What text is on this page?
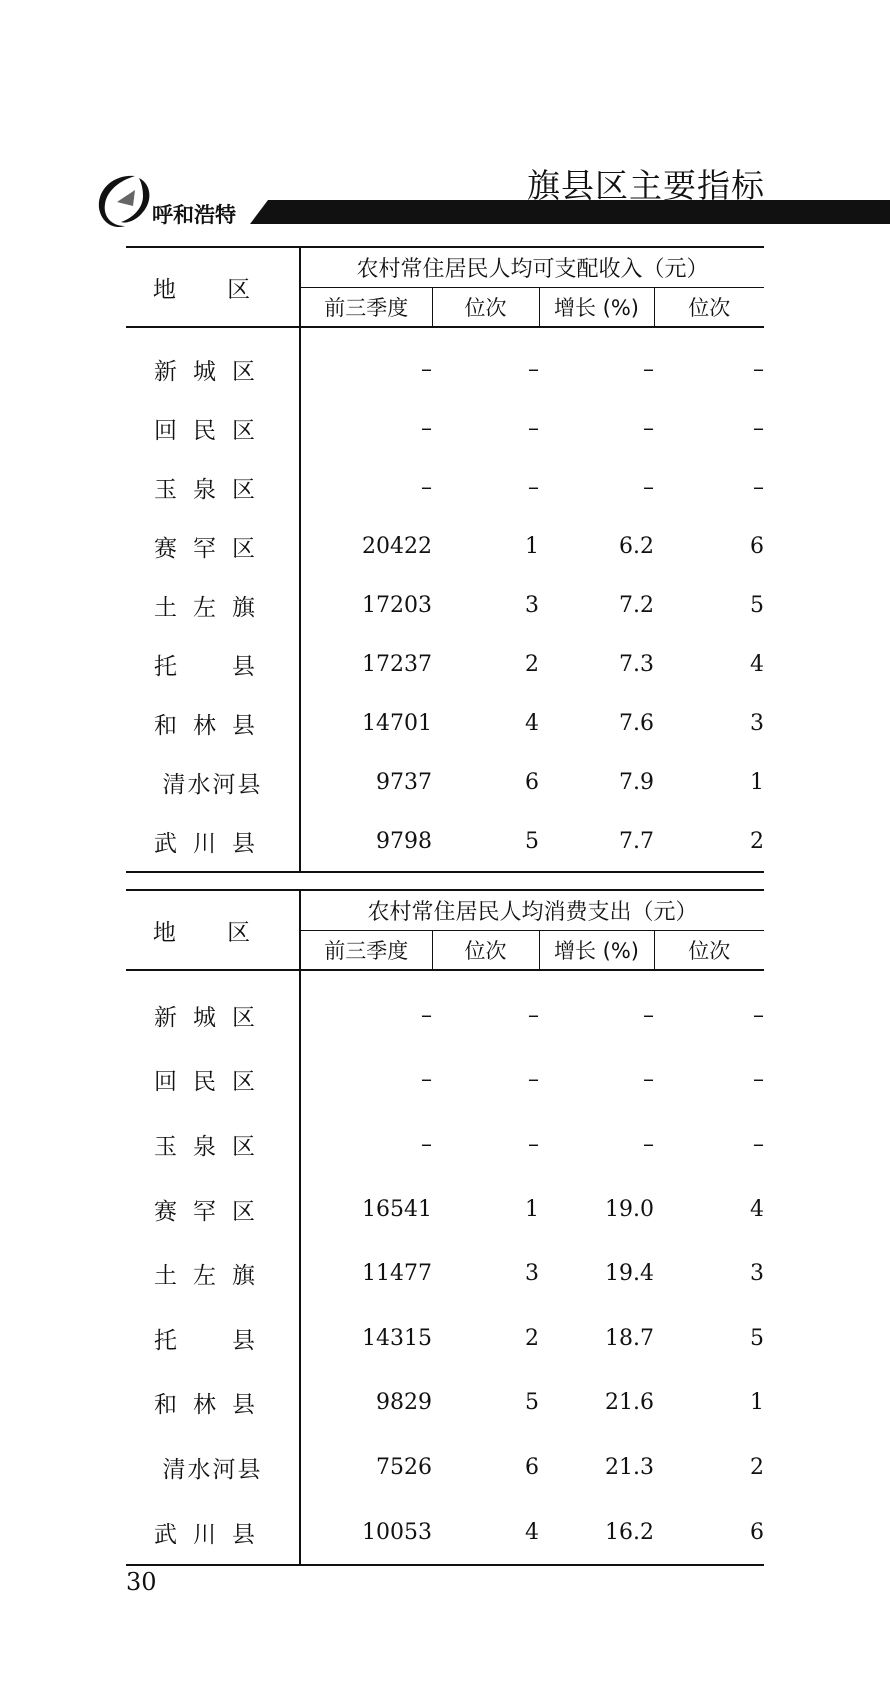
呼和浩特
旗县区主要指标
地 区	农村常住居民人均可支配收入（元）			
	前三季度	位次	增长 (%)	位次
新城区	–	–	–	–
回民区	–	–	–	–
玉泉区	–	–	–	–
赛罕区	20422	1	6.2	6
土左旗	17203	3	7.2	5
托　县	17237	2	7.3	4
和林县	14701	4	7.6	3
清水河县	9737	6	7.9	1
武川县	9798	5	7.7	2
地 区	农村常住居民人均消费支出（元）			
	前三季度	位次	增长 (%)	位次
新城区	–	–	–	–
回民区	–	–	–	–
玉泉区	–	–	–	–
赛罕区	16541	1	19.0	4
土左旗	11477	3	19.4	3
托　县	14315	2	18.7	5
和林县	9829	5	21.6	1
清水河县	7526	6	21.3	2
武川县	10053	4	16.2	6
30
